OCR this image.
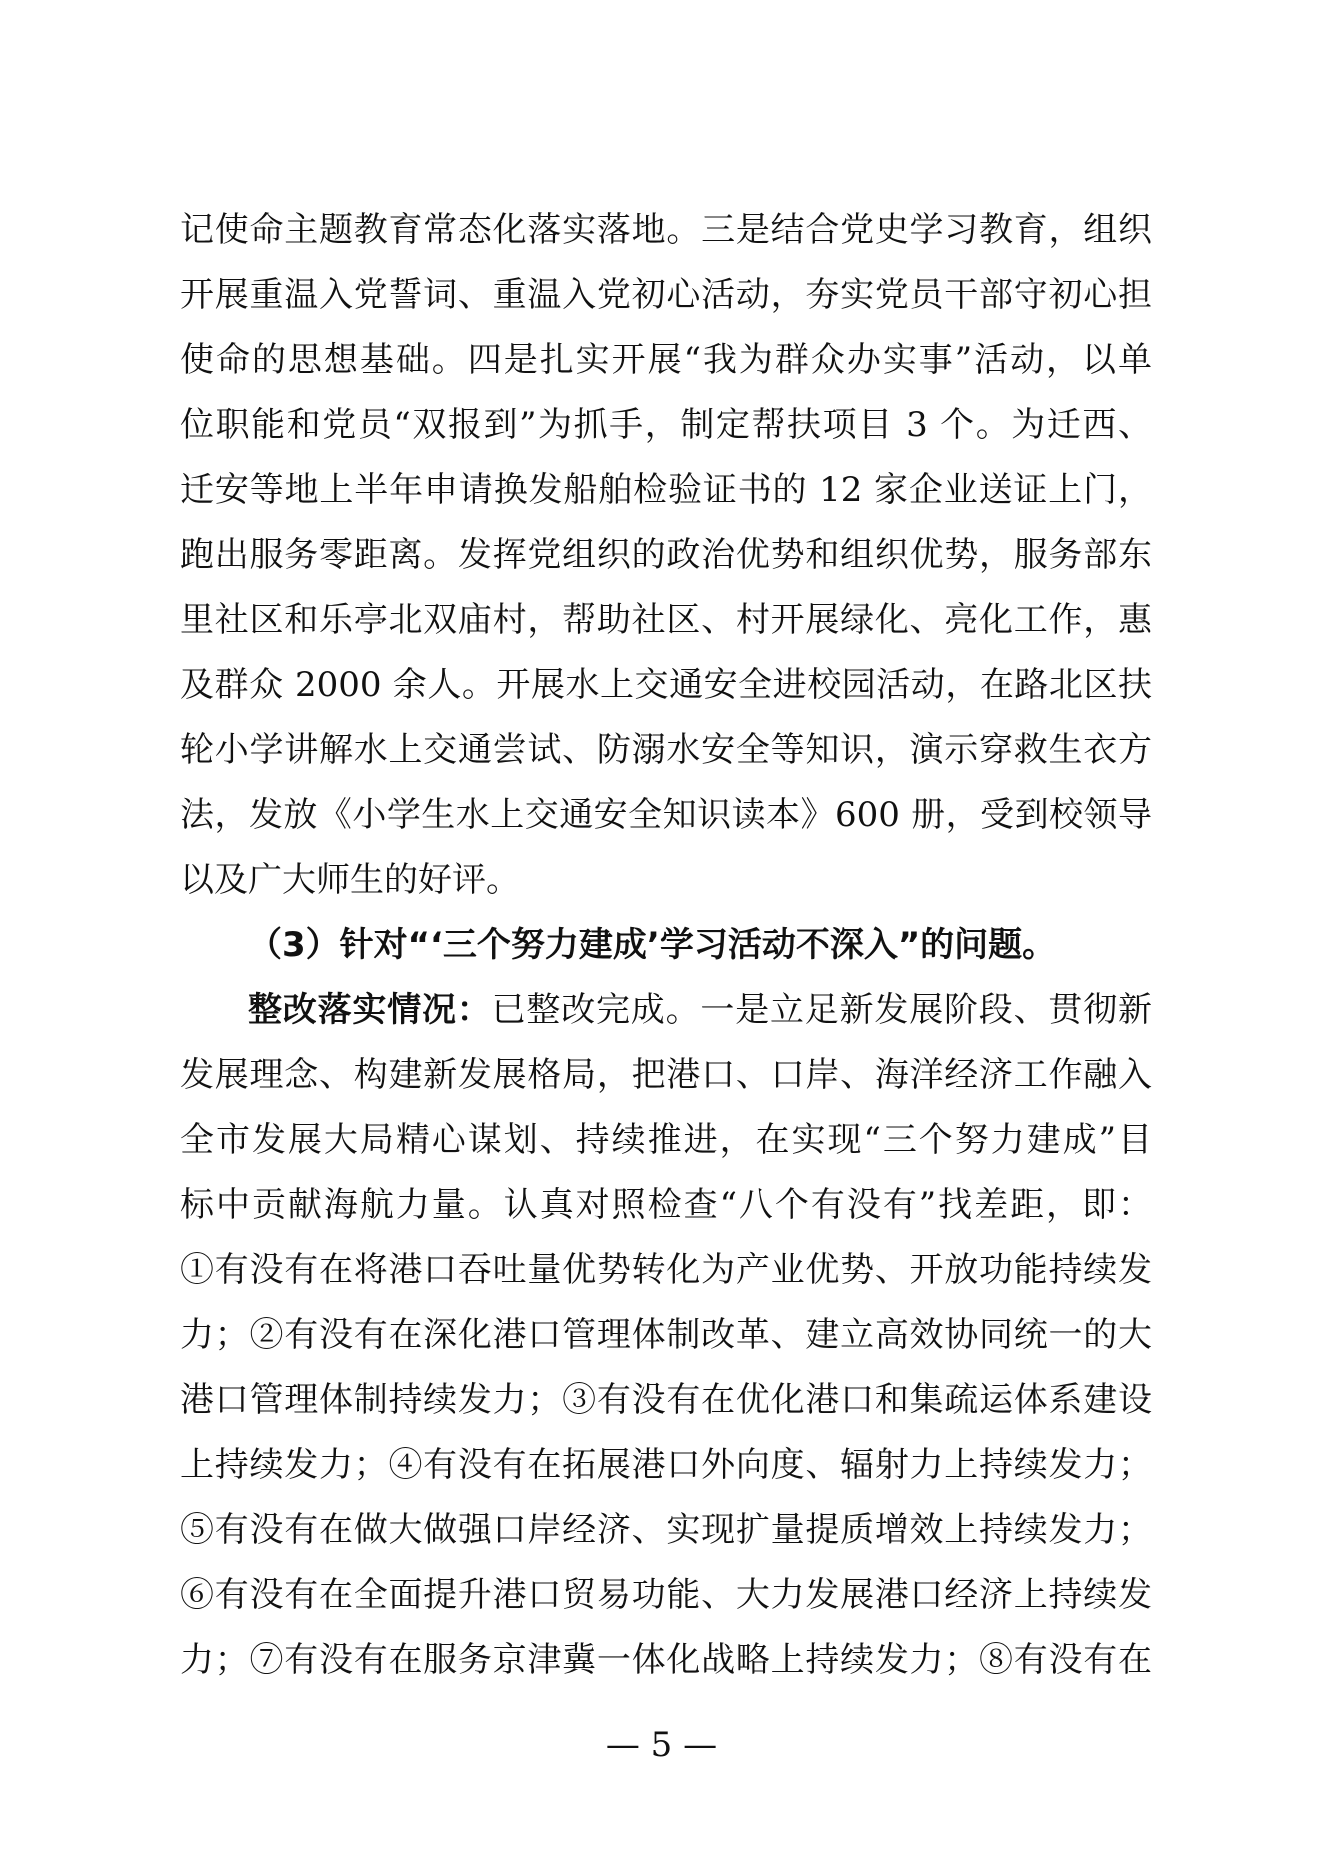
记使命主题教育常态化落实落地。三是结合党史学习教育，组织
开展重温入党誓词、重温入党初心活动，夯实党员干部守初心担
使命的思想基础。四是扎实开展“我为群众办实事”活动，以单
位职能和党员“双报到”为抓手，制定帮扶项目 3 个。为迁西、
迁安等地上半年申请换发船舶检验证书的 12 家企业送证上门，
跑出服务零距离。发挥党组织的政治优势和组织优势，服务部东
里社区和乐亭北双庙村，帮助社区、村开展绿化、亮化工作，惠
及群众 2000 余人。开展水上交通安全进校园活动，在路北区扶
轮小学讲解水上交通尝试、防溺水安全等知识，演示穿救生衣方
法，发放《小学生水上交通安全知识读本》600 册，受到校领导
以及广大师生的好评。
（3）针对“‘三个努力建成’学习活动不深入”的问题。
整改落实情况：已整改完成。一是立足新发展阶段、贯彻新
发展理念、构建新发展格局，把港口、口岸、海洋经济工作融入
全市发展大局精心谋划、持续推进，在实现“三个努力建成”目
标中贡献海航力量。认真对照检查“八个有没有”找差距，即：
①有没有在将港口吞吐量优势转化为产业优势、开放功能持续发
力；②有没有在深化港口管理体制改革、建立高效协同统一的大
港口管理体制持续发力；③有没有在优化港口和集疏运体系建设
上持续发力；④有没有在拓展港口外向度、辐射力上持续发力；
⑤有没有在做大做强口岸经济、实现扩量提质增效上持续发力；
⑥有没有在全面提升港口贸易功能、大力发展港口经济上持续发
力；⑦有没有在服务京津冀一体化战略上持续发力；⑧有没有在
— 5 —
